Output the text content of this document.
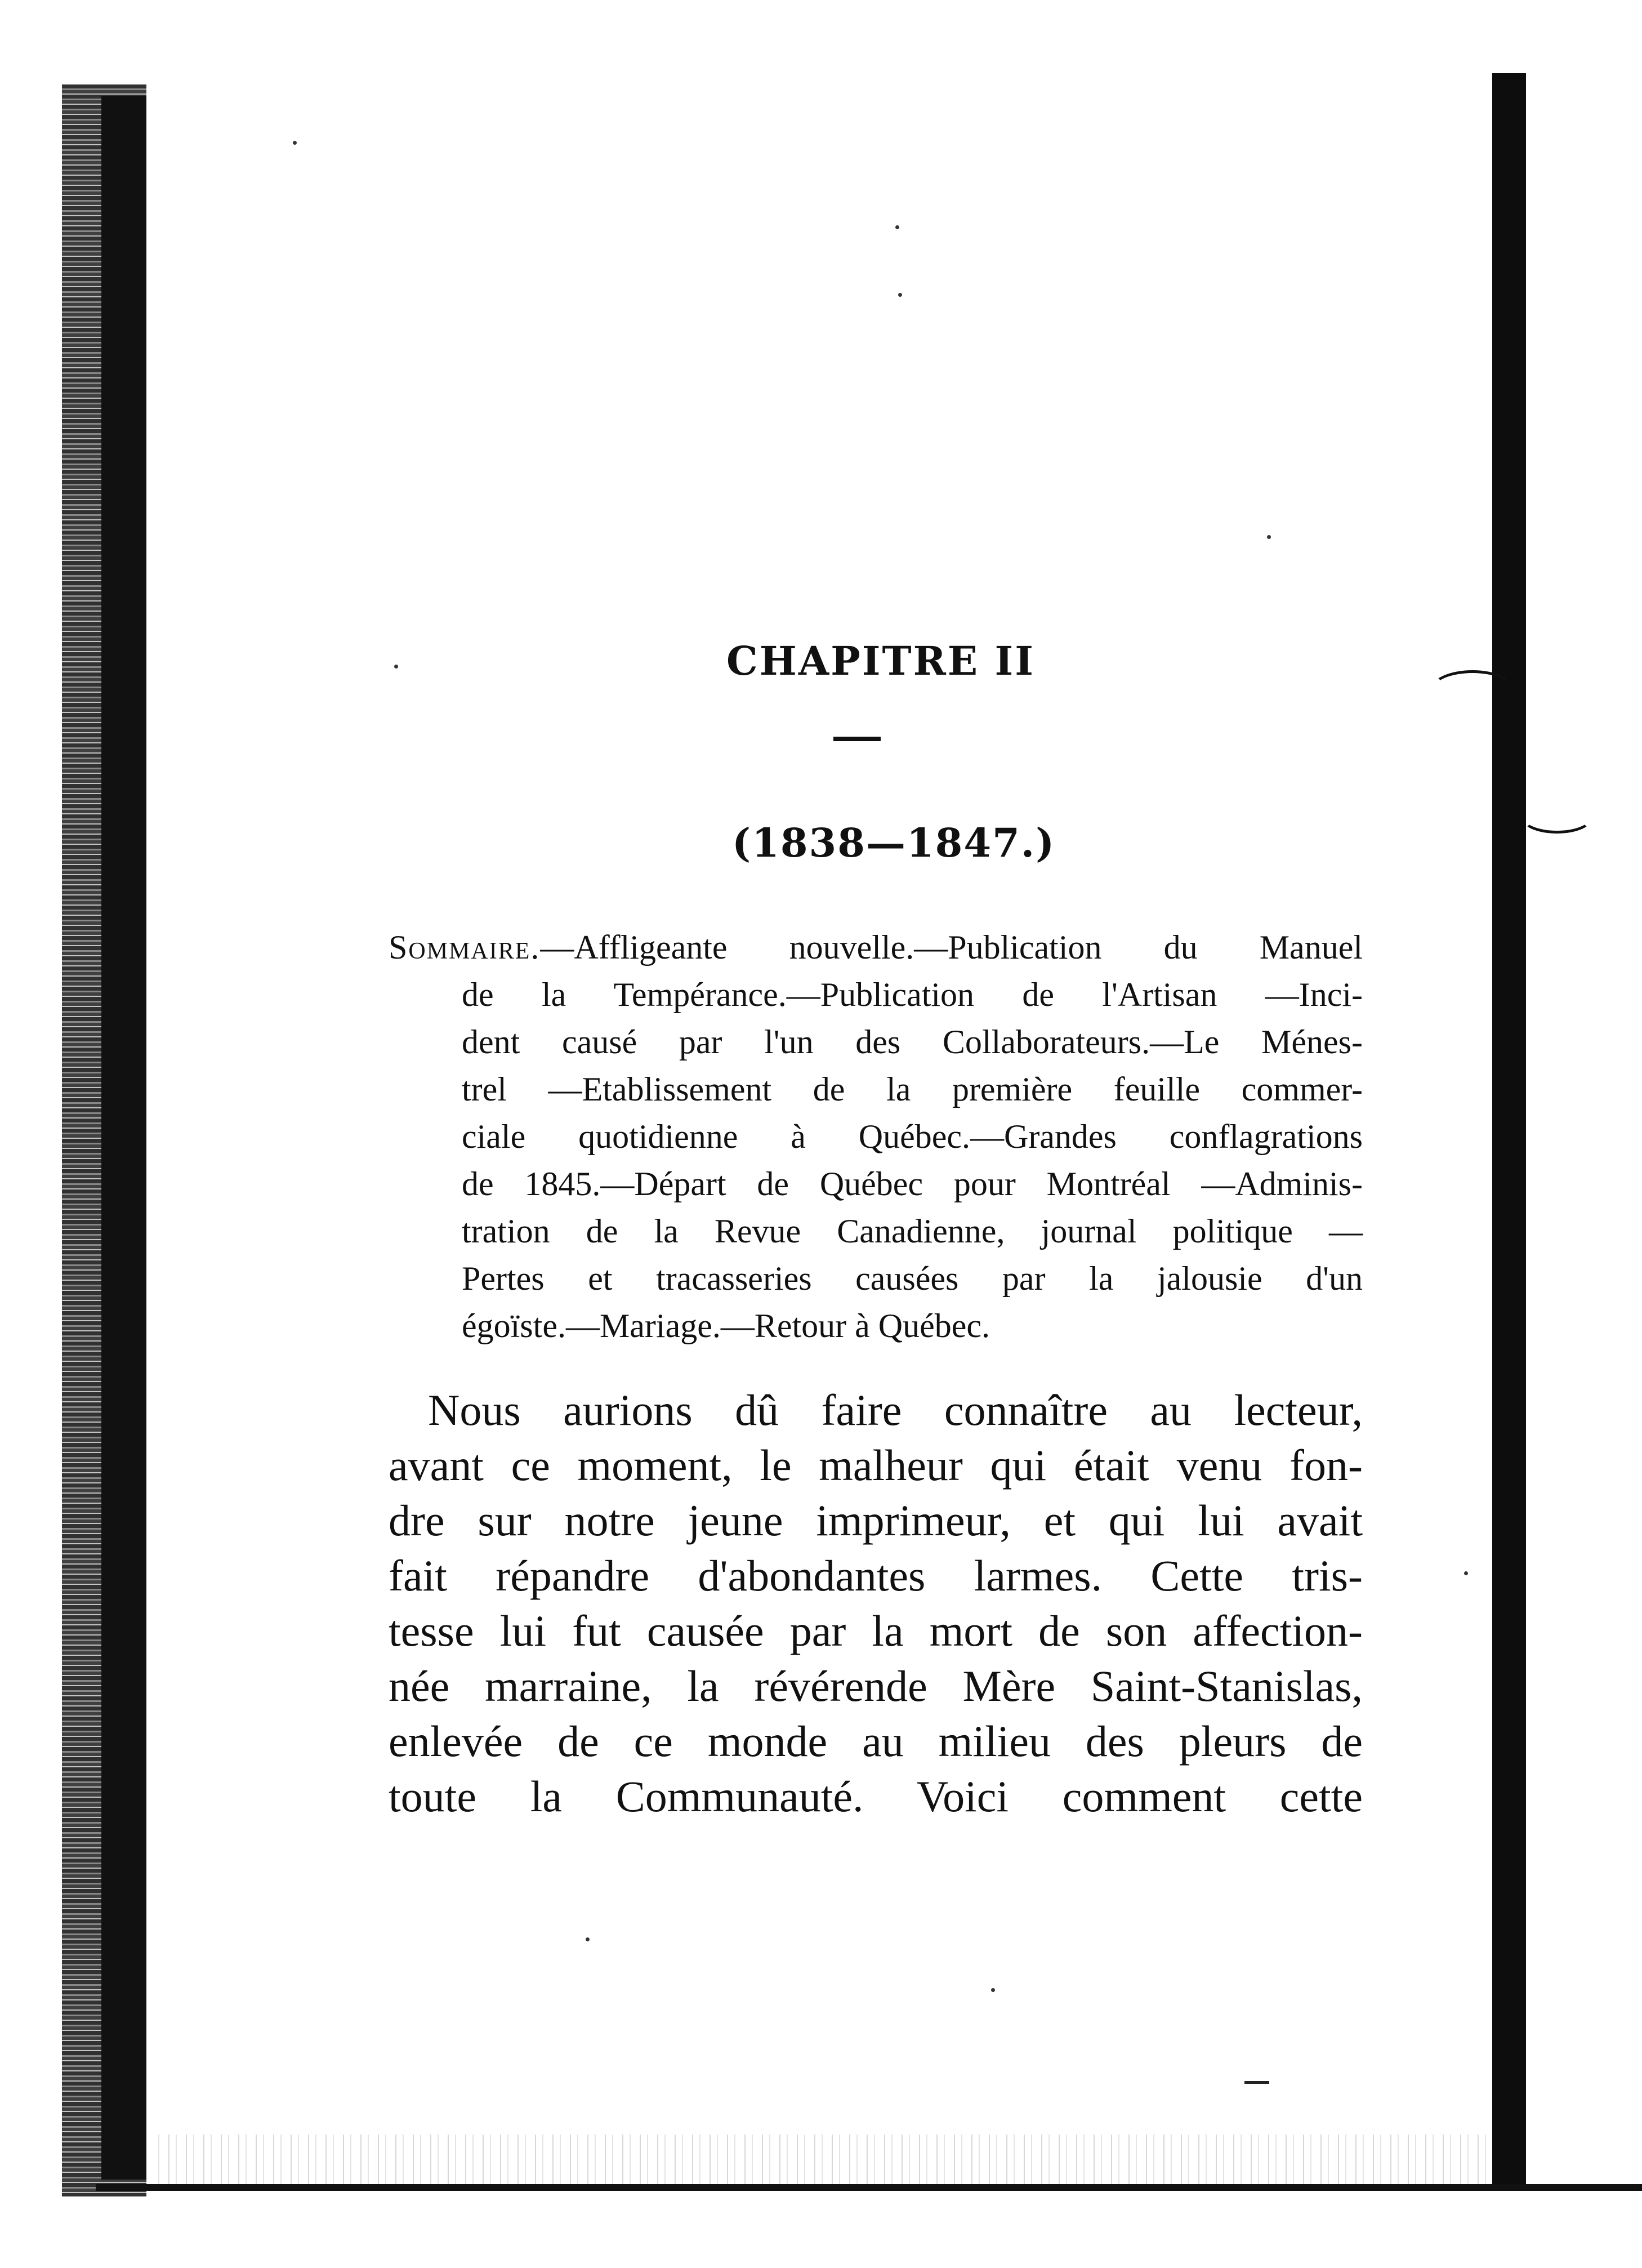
CHAPITRE II
(1838—1847.)
Sommaire.—Affligeante nouvelle.—Publication du Manuel
de la Tempérance.—Publication de l'Artisan —Inci-
dent causé par l'un des Collaborateurs.—Le Ménes-
trel —Etablissement de la première feuille commer-
ciale quotidienne à Québec.—Grandes conflagrations
de 1845.—Départ de Québec pour Montréal —Adminis-
tration de la Revue Canadienne, journal politique —
Pertes et tracasseries causées par la jalousie d'un
égoïste.—Mariage.—Retour à Québec.
Nous aurions dû faire connaître au lecteur,
avant ce moment, le malheur qui était venu fon-
dre sur notre jeune imprimeur, et qui lui avait
fait répandre d'abondantes larmes. Cette tris-
tesse lui fut causée par la mort de son affection-
née marraine, la révérende Mère Saint-Stanislas,
enlevée de ce monde au milieu des pleurs de
toute la Communauté. Voici comment cette
